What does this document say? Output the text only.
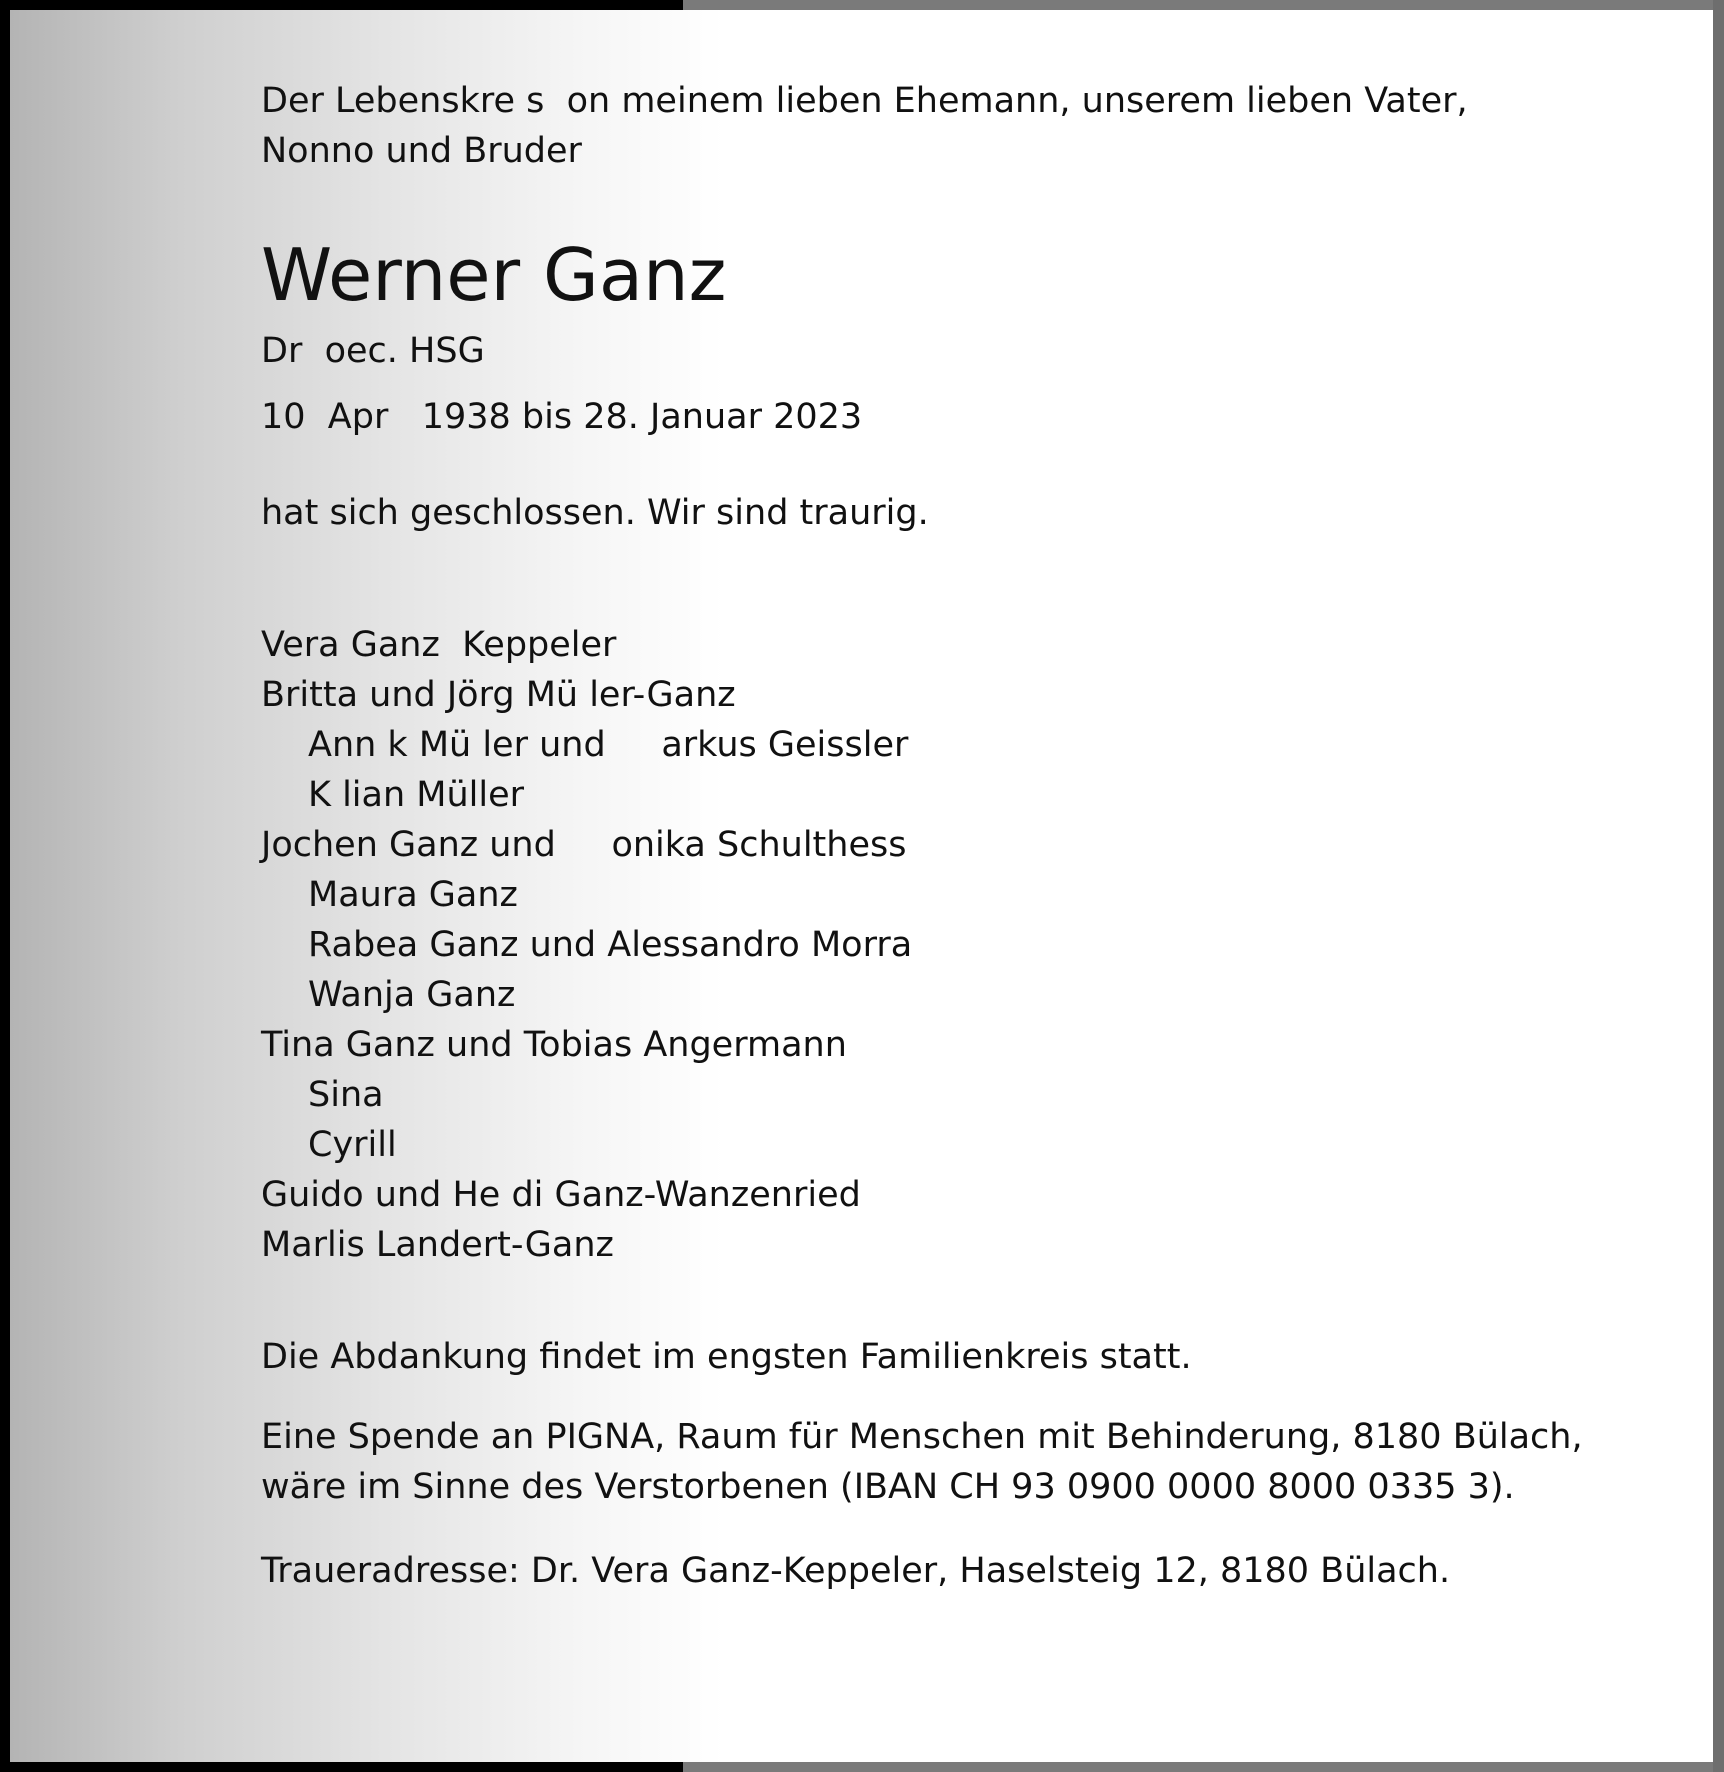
Der Lebenskre s  on meinem lieben Ehemann, unserem lieben Vater,

Nonno und Bruder

Werner Ganz

Dr  oec. HSG

10  Apr   1938 bis 28. Januar 2023

hat sich geschlossen. Wir sind traurig.

Vera Ganz  Keppeler
Britta und Jörg Mü ler-Ganz
Ann k Mü ler und     arkus Geissler
K lian Müller
Jochen Ganz und     onika Schulthess
Maura Ganz
Rabea Ganz und Alessandro Morra
Wanja Ganz
Tina Ganz und Tobias Angermann
Sina
Cyrill
Guido und He di Ganz-Wanzenried
Marlis Landert-Ganz

Die Abdankung findet im engsten Familienkreis statt.

Eine Spende an PIGNA, Raum für Menschen mit Behinderung, 8180 Bülach,

wäre im Sinne des Verstorbenen (IBAN CH 93 0900 0000 8000 0335 3).

Traueradresse: Dr. Vera Ganz-Keppeler, Haselsteig 12, 8180 Bülach.
